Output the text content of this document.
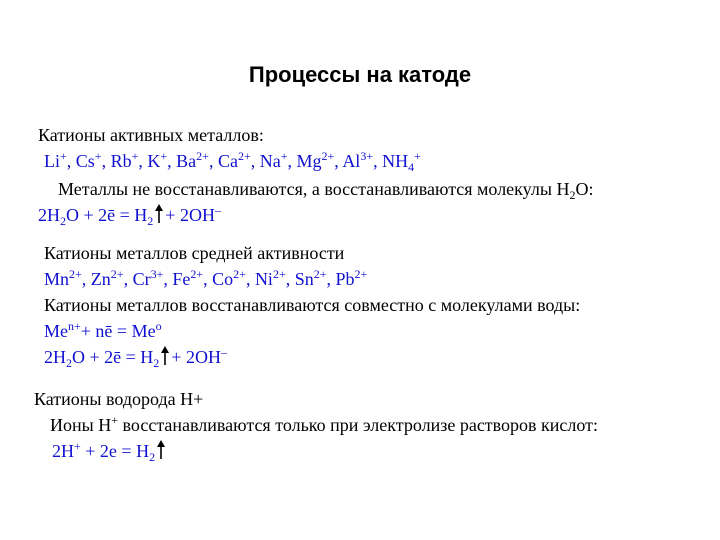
Процессы на катоде
Катионы активных металлов:
Li+, Cs+, Rb+, K+, $Ba^{2+}$, $Ca^{2+}$, Na+, $Mg^{2+}$, $Al^{3+}$, $NH_4^+$
Металлы не восстанавливаются, а восстанавливаются молекулы $H_2O$:
$2H_2O$ + 2ē = $H_2 + 2OH^-$
Катионы металлов средней активности
$Mn^{2+}$, $Zn^{2+}$, $Cr^{3+}$, $Fe^{2+}$, $Co^{2+}$, $Ni^{2+}$, $Sn^{2+}$, $Pb^{2+}$
Катионы металлов восстанавливаются совместно с молекулами воды:
$Me^{n+}+$ nē = $Me^o$
$2H_2O$ + 2ē = $H_2 + 2OH^-$
Катионы водорода Н+
Ионы Н+ восстанавливаются только при электролизе растворов кислот:
$2H^+ + 2e = H_2$
